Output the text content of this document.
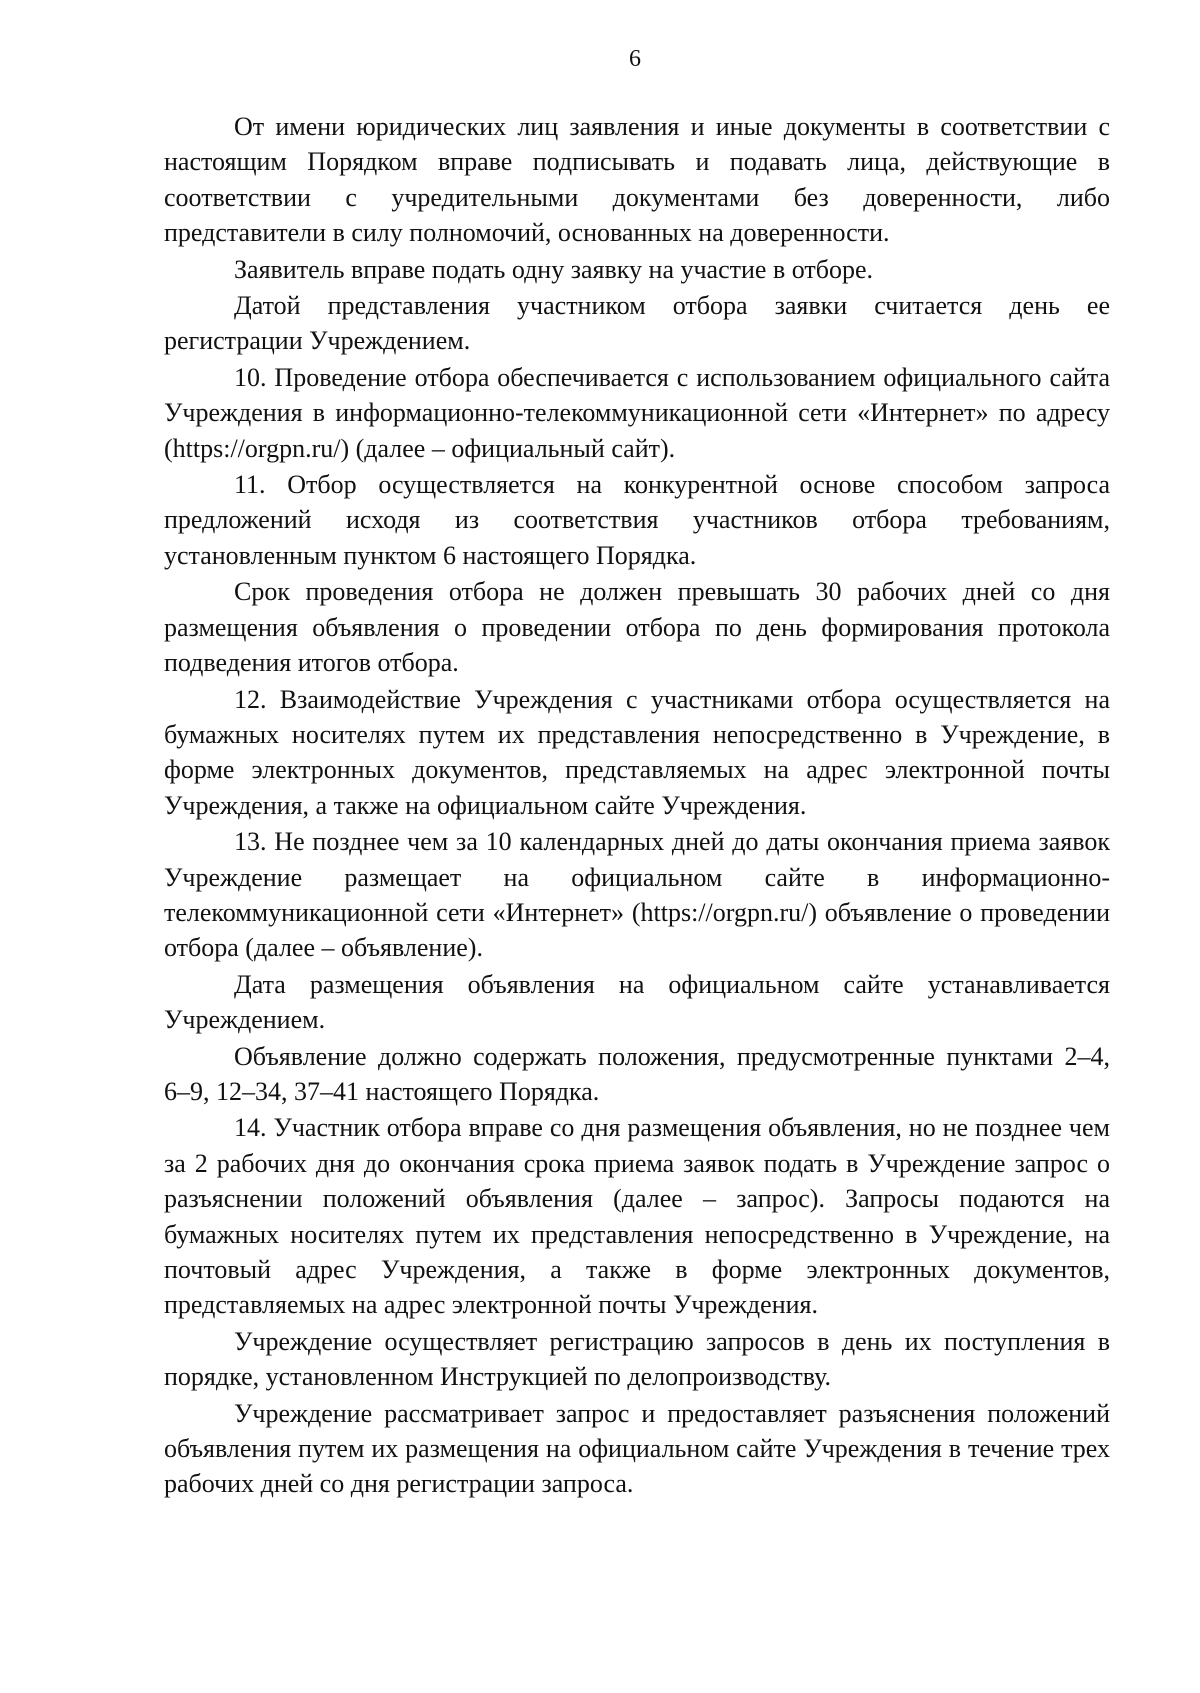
6

От имени юридических лиц заявления и иные документы в соответствии с настоящим Порядком вправе подписывать и подавать лица, действующие в соответствии с учредительными документами без доверенности, либо представители в силу полномочий, основанных на доверенности.

Заявитель вправе подать одну заявку на участие в отборе.

Датой представления участником отбора заявки считается день ее регистрации Учреждением.

10. Проведение отбора обеспечивается с использованием официального сайта Учреждения в информационно-телекоммуникационной сети «Интернет» по адресу (https://orgpn.ru/) (далее – официальный сайт).

11. Отбор осуществляется на конкурентной основе способом запроса предложений исходя из соответствия участников отбора требованиям, установленным пунктом 6 настоящего Порядка.

Срок проведения отбора не должен превышать 30 рабочих дней со дня размещения объявления о проведении отбора по день формирования протокола подведения итогов отбора.

12. Взаимодействие Учреждения с участниками отбора осуществляется на бумажных носителях путем их представления непосредственно в Учреждение, в форме электронных документов, представляемых на адрес электронной почты Учреждения, а также на официальном сайте Учреждения.

13. Не позднее чем за 10 календарных дней до даты окончания приема заявок Учреждение размещает на официальном сайте в информационно-телекоммуникационной сети «Интернет» (https://orgpn.ru/) объявление о проведении отбора (далее – объявление).

Дата размещения объявления на официальном сайте устанавливается Учреждением.

Объявление должно содержать положения, предусмотренные пунктами 2–4, 6–9, 12–34, 37–41 настоящего Порядка.

14. Участник отбора вправе со дня размещения объявления, но не позднее чем за 2 рабочих дня до окончания срока приема заявок подать в Учреждение запрос о разъяснении положений объявления (далее – запрос). Запросы подаются на бумажных носителях путем их представления непосредственно в Учреждение, на почтовый адрес Учреждения, а также в форме электронных документов, представляемых на адрес электронной почты Учреждения.

Учреждение осуществляет регистрацию запросов в день их поступления в порядке, установленном Инструкцией по делопроизводству.

Учреждение рассматривает запрос и предоставляет разъяснения положений объявления путем их размещения на официальном сайте Учреждения в течение трех рабочих дней со дня регистрации запроса.
